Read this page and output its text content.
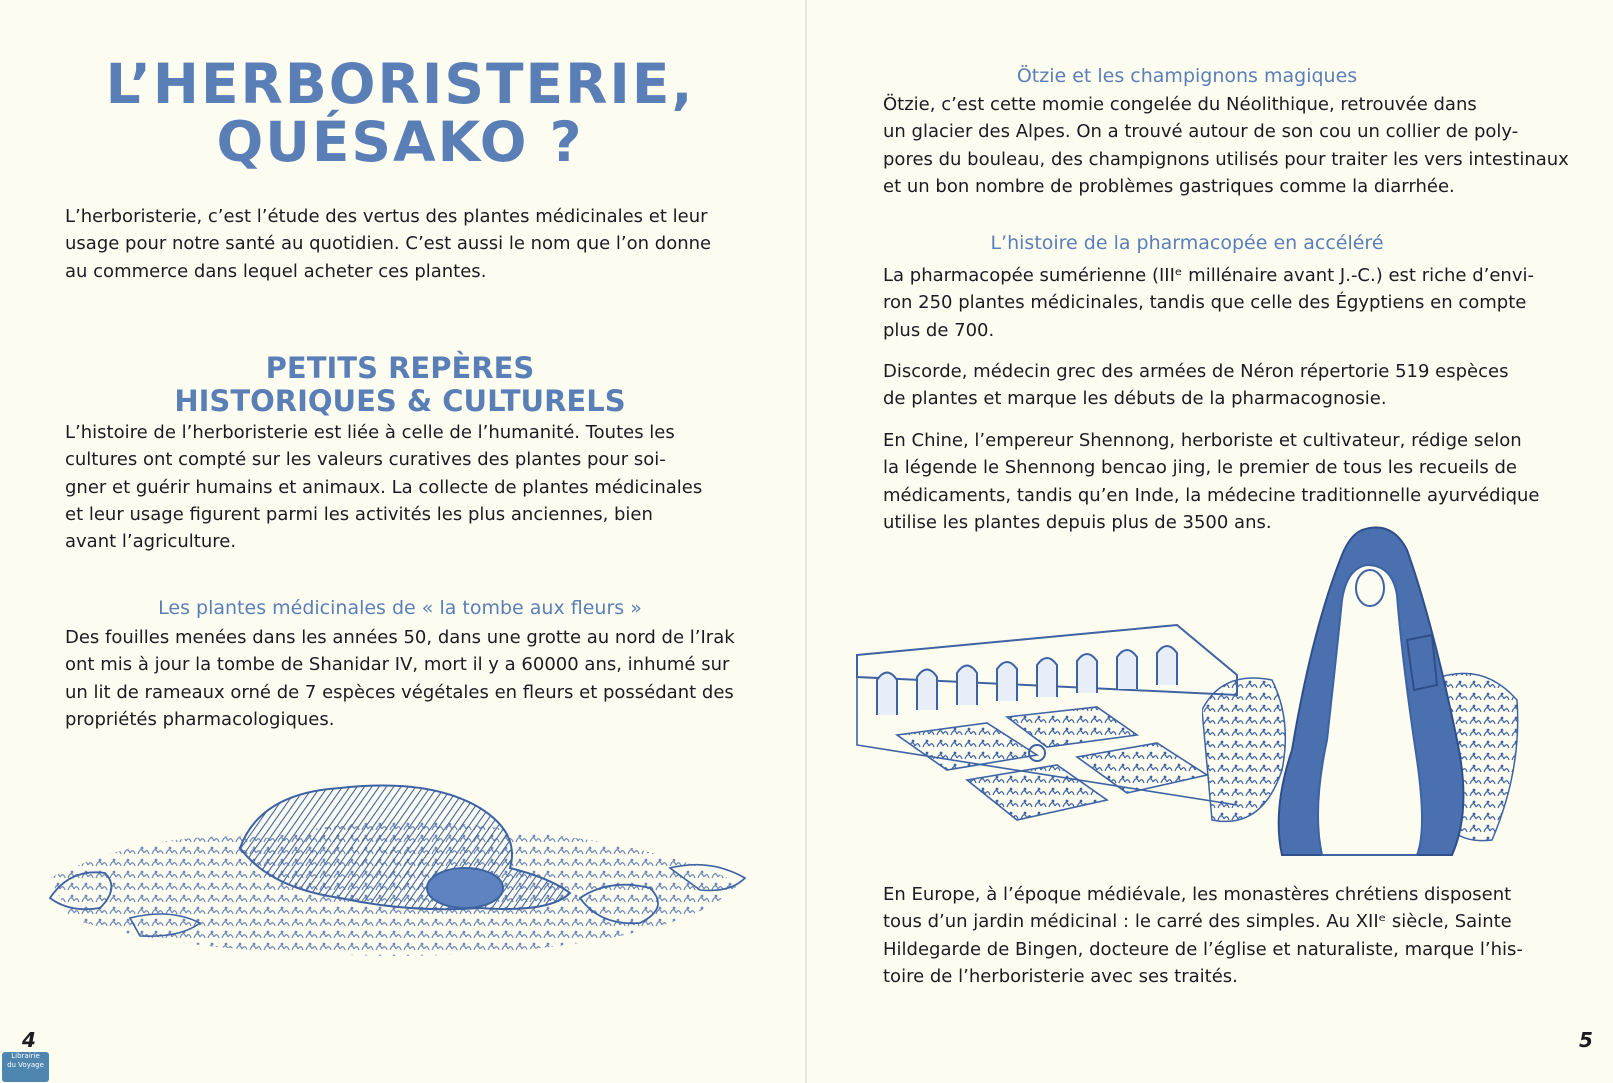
L’HERBORISTERIE,
QUÉSAKO ?

L’herboristerie, c’est l’étude des vertus des plantes médicinales et leur
usage pour notre santé au quotidien. C’est aussi le nom que l’on donne
au commerce dans lequel acheter ces plantes.

PETITS REPÈRES
HISTORIQUES & CULTURELS

L’histoire de l’herboristerie est liée à celle de l’humanité. Toutes les
cultures ont compté sur les valeurs curatives des plantes pour soi-
gner et guérir humains et animaux. La collecte de plantes médicinales
et leur usage figurent parmi les activités les plus anciennes, bien
avant l’agriculture.

Les plantes médicinales de « la tombe aux fleurs »

Des fouilles menées dans les années 50, dans une grotte au nord de l’Irak
ont mis à jour la tombe de Shanidar IV, mort il y a 60000 ans, inhumé sur
un lit de rameaux orné de 7 espèces végétales en fleurs et possédant des
propriétés pharmacologiques.

4
Librairie
du Voyage
Ötzie et les champignons magiques

Ötzie, c’est cette momie congelée du Néolithique, retrouvée dans
un glacier des Alpes. On a trouvé autour de son cou un collier de poly-
pores du bouleau, des champignons utilisés pour traiter les vers intestinaux
et un bon nombre de problèmes gastriques comme la diarrhée.

L’histoire de la pharmacopée en accéléré

La pharmacopée sumérienne (IIIᵉ millénaire avant J.-C.) est riche d’envi-
ron 250 plantes médicinales, tandis que celle des Égyptiens en compte
plus de 700.

Discorde, médecin grec des armées de Néron répertorie 519 espèces
de plantes et marque les débuts de la pharmacognosie.

En Chine, l’empereur Shennong, herboriste et cultivateur, rédige selon
la légende le Shennong bencao jing, le premier de tous les recueils de
médicaments, tandis qu’en Inde, la médecine traditionnelle ayurvédique
utilise les plantes depuis plus de 3500 ans.

En Europe, à l’époque médiévale, les monastères chrétiens disposent
tous d’un jardin médicinal : le carré des simples. Au XIIᵉ siècle, Sainte
Hildegarde de Bingen, docteure de l’église et naturaliste, marque l’his-
toire de l’herboristerie avec ses traités.

5
